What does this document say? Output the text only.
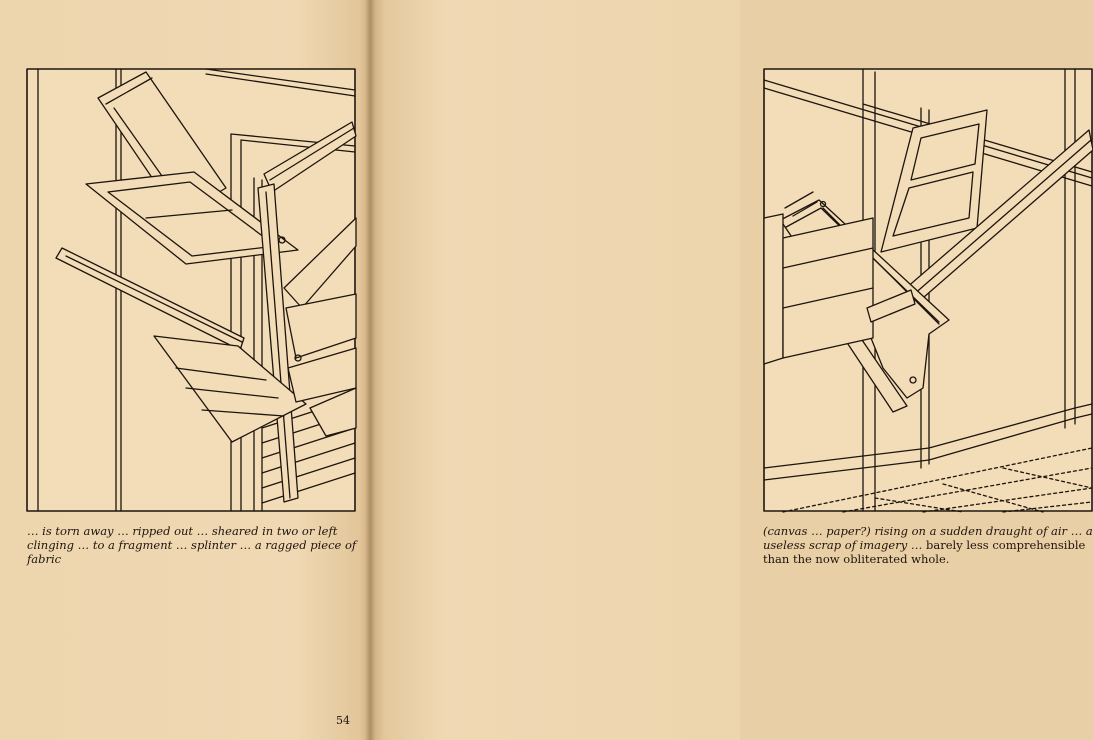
… is torn away … ripped out … sheared in two or left clinging … to a fragment … splinter … a ragged piece of fabric

54

(canvas … paper?) rising on a sudden draught of air … a useless scrap of imagery … barely less comprehensible than the now obliterated whole.
